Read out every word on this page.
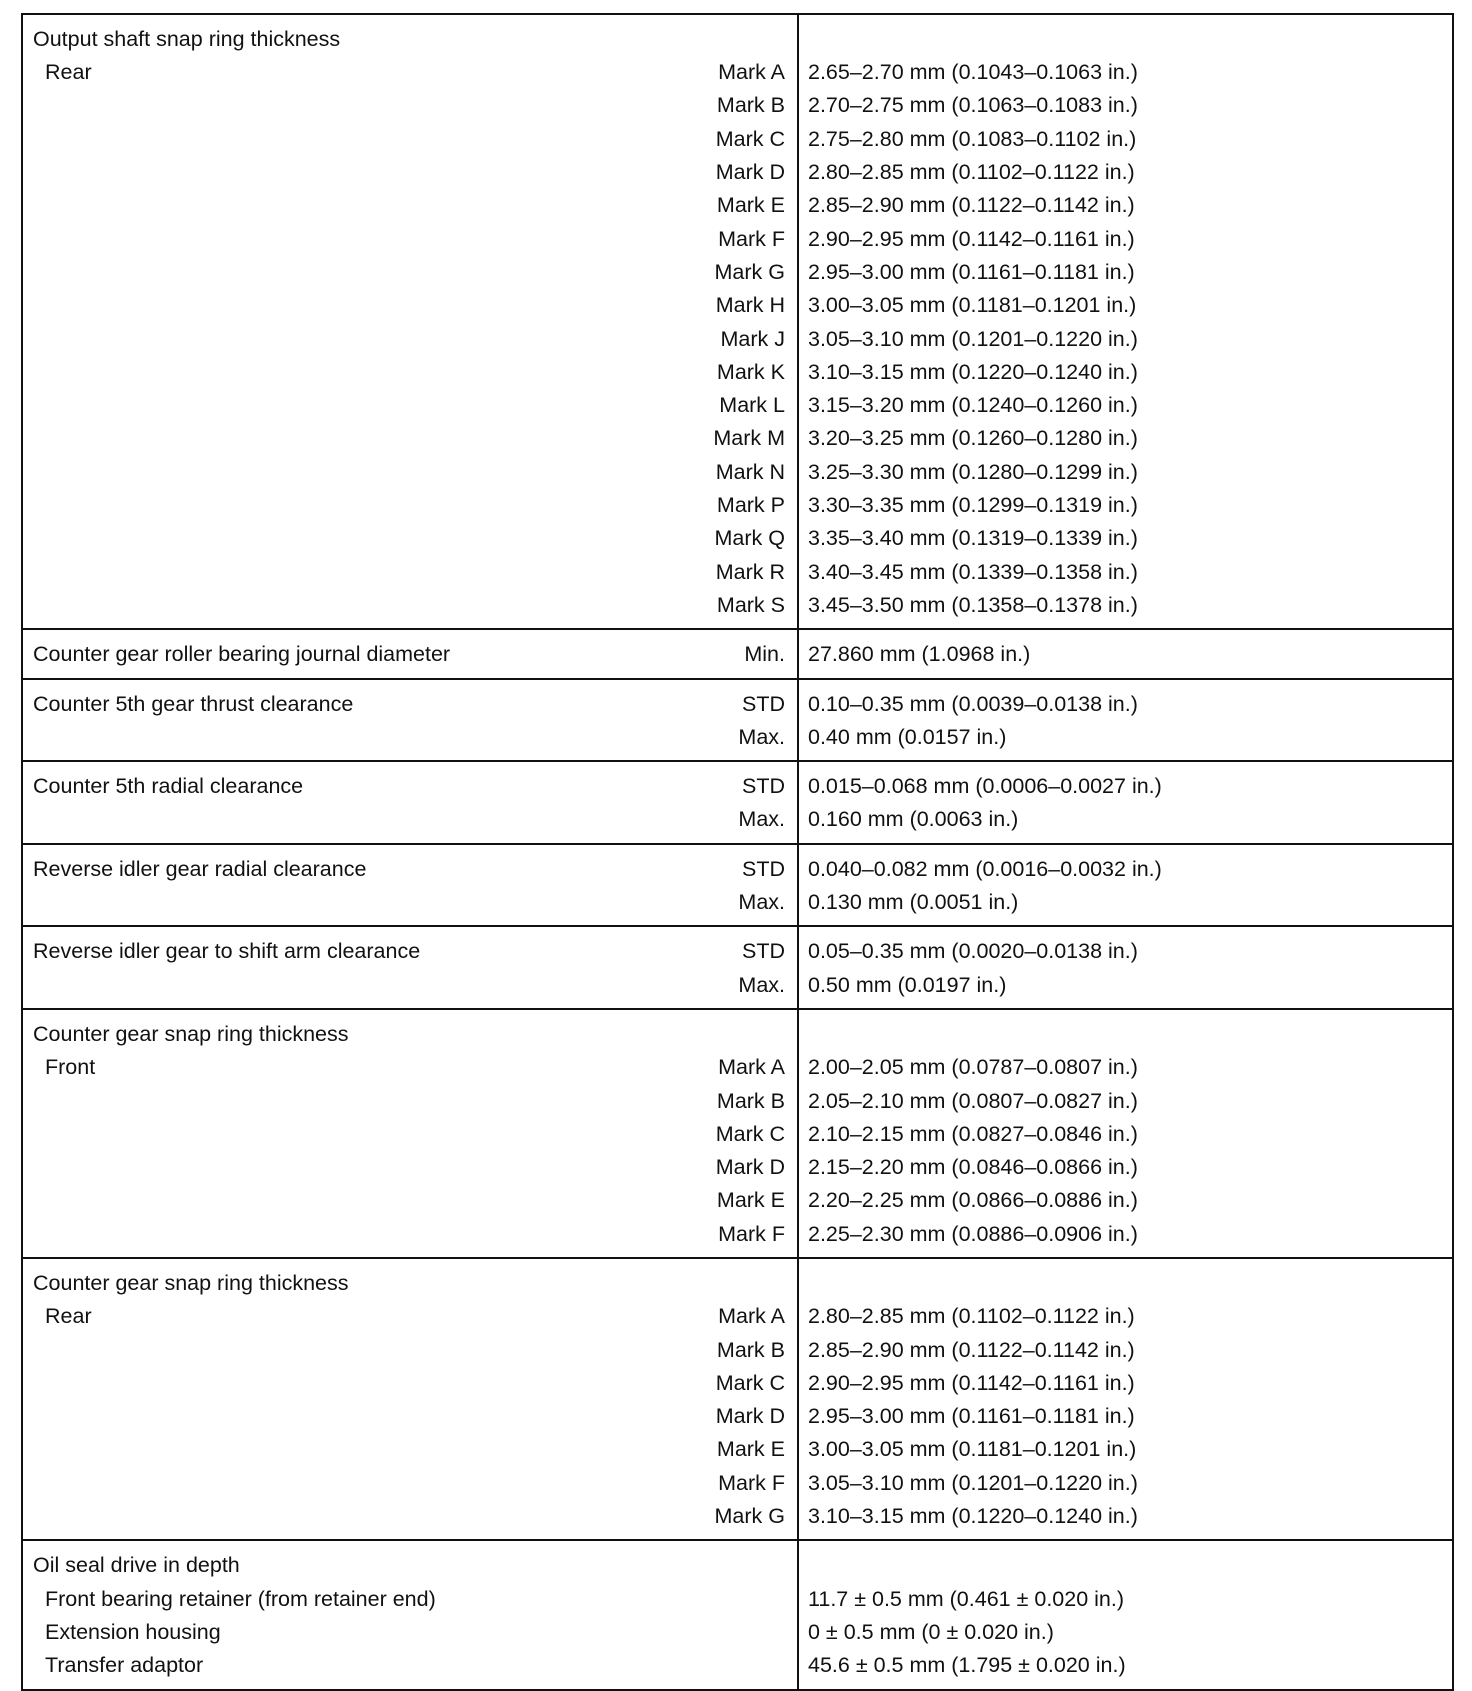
Output shaft snap ring thickness
Rear	Mark A	2.65–2.70 mm (0.1043–0.1063 in.)
Mark B	2.70–2.75 mm (0.1063–0.1083 in.)
Mark C	2.75–2.80 mm (0.1083–0.1102 in.)
Mark D	2.80–2.85 mm (0.1102–0.1122 in.)
Mark E	2.85–2.90 mm (0.1122–0.1142 in.)
Mark F	2.90–2.95 mm (0.1142–0.1161 in.)
Mark G	2.95–3.00 mm (0.1161–0.1181 in.)
Mark H	3.00–3.05 mm (0.1181–0.1201 in.)
Mark J	3.05–3.10 mm (0.1201–0.1220 in.)
Mark K	3.10–3.15 mm (0.1220–0.1240 in.)
Mark L	3.15–3.20 mm (0.1240–0.1260 in.)
Mark M	3.20–3.25 mm (0.1260–0.1280 in.)
Mark N	3.25–3.30 mm (0.1280–0.1299 in.)
Mark P	3.30–3.35 mm (0.1299–0.1319 in.)
Mark Q	3.35–3.40 mm (0.1319–0.1339 in.)
Mark R	3.40–3.45 mm (0.1339–0.1358 in.)
Mark S	3.45–3.50 mm (0.1358–0.1378 in.)
Counter gear roller bearing journal diameter	Min.	27.860 mm (1.0968 in.)
Counter 5th gear thrust clearance	STD	0.10–0.35 mm (0.0039–0.0138 in.)
Max.	0.40 mm (0.0157 in.)
Counter 5th radial clearance	STD	0.015–0.068 mm (0.0006–0.0027 in.)
Max.	0.160 mm (0.0063 in.)
Reverse idler gear radial clearance	STD	0.040–0.082 mm (0.0016–0.0032 in.)
Max.	0.130 mm (0.0051 in.)
Reverse idler gear to shift arm clearance	STD	0.05–0.35 mm (0.0020–0.0138 in.)
Max.	0.50 mm (0.0197 in.)
Counter gear snap ring thickness
Front	Mark A	2.00–2.05 mm (0.0787–0.0807 in.)
Mark B	2.05–2.10 mm (0.0807–0.0827 in.)
Mark C	2.10–2.15 mm (0.0827–0.0846 in.)
Mark D	2.15–2.20 mm (0.0846–0.0866 in.)
Mark E	2.20–2.25 mm (0.0866–0.0886 in.)
Mark F	2.25–2.30 mm (0.0886–0.0906 in.)
Counter gear snap ring thickness
Rear	Mark A	2.80–2.85 mm (0.1102–0.1122 in.)
Mark B	2.85–2.90 mm (0.1122–0.1142 in.)
Mark C	2.90–2.95 mm (0.1142–0.1161 in.)
Mark D	2.95–3.00 mm (0.1161–0.1181 in.)
Mark E	3.00–3.05 mm (0.1181–0.1201 in.)
Mark F	3.05–3.10 mm (0.1201–0.1220 in.)
Mark G	3.10–3.15 mm (0.1220–0.1240 in.)
Oil seal drive in depth
Front bearing retainer (from retainer end)	11.7 ± 0.5 mm (0.461 ± 0.020 in.)
Extension housing	0 ± 0.5 mm (0 ± 0.020 in.)
Transfer adaptor	45.6 ± 0.5 mm (1.795 ± 0.020 in.)
